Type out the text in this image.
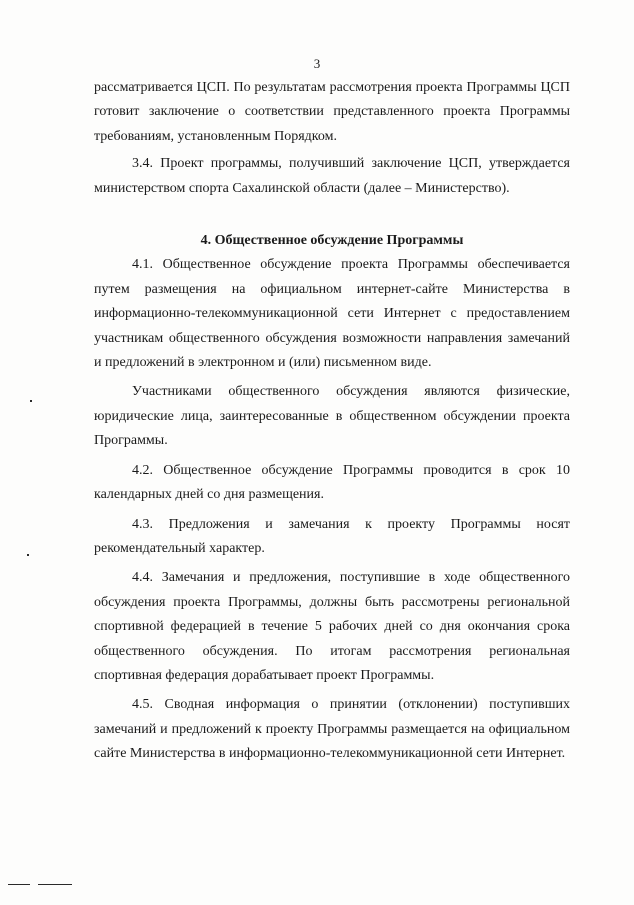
3

рассматривается ЦСП. По результатам рассмотрения проекта Программы ЦСП готовит заключение о соответствии представленного проекта Программы требованиям, установленным Порядком.

3.4. Проект программы, получивший заключение ЦСП, утверждается министерством спорта Сахалинской области (далее – Министерство).

4. Общественное обсуждение Программы

4.1. Общественное обсуждение проекта Программы обеспечивается путем размещения на официальном интернет-сайте Министерства в информационно-телекоммуникационной сети Интернет с предоставлением участникам общественного обсуждения возможности направления замечаний и предложений в электронном и (или) письменном виде.

Участниками общественного обсуждения являются физические, юридические лица, заинтересованные в общественном обсуждении проекта Программы.

4.2. Общественное обсуждение Программы проводится в срок 10 календарных дней со дня размещения.

4.3. Предложения и замечания к проекту Программы носят рекомендательный характер.

4.4. Замечания и предложения, поступившие в ходе общественного обсуждения проекта Программы, должны быть рассмотрены региональной спортивной федерацией в течение 5 рабочих дней со дня окончания срока общественного обсуждения. По итогам рассмотрения региональная спортивная федерация дорабатывает проект Программы.

4.5. Сводная информация о принятии (отклонении) поступивших замечаний и предложений к проекту Программы размещается на официальном сайте Министерства в информационно-телекоммуникационной сети Интернет.
